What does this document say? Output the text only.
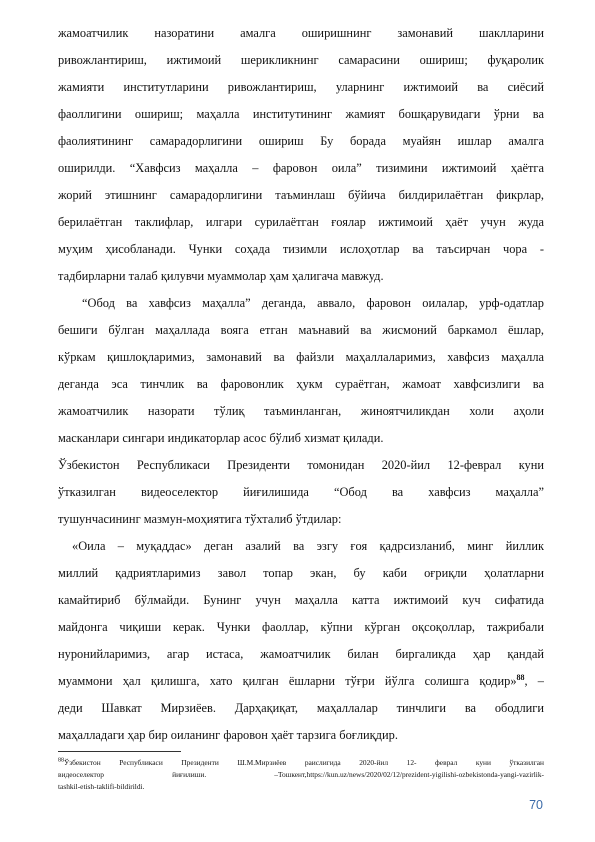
жамоатчилик назоратини амалга оширишнинг замонавий шаклларини
ривожлантириш, ижтимоий шерикликнинг самарасини ошириш; фуқаролик
жамияти институтларини ривожлантириш, уларнинг ижтимоий ва сиёсий
фаоллигини ошириш; маҳалла институтининг жамият бошқарувидаги ўрни ва
фаолиятининг самарадорлигини ошириш Бу борада муайян ишлар амалга
оширилди. “Хавфсиз маҳалла – фаровон оила” тизимини ижтимоий ҳаётга
жорий этишнинг самарадорлигини таъминлаш бўйича билдирилаётган фикрлар,
берилаётган таклифлар, илгари сурилаётган ғоялар ижтимоий ҳаёт учун жуда
муҳим ҳисобланади. Чунки соҳада тизимли ислоҳотлар ва таъсирчан чора -
тадбирларни талаб қилувчи муаммолар ҳам ҳалигача мавжуд.
“Обод ва хавфсиз маҳалла” деганда, аввало, фаровон оилалар, урф-одатлар
бешиги бўлган маҳаллада вояга етган маънавий ва жисмоний баркамол ёшлар,
кўркам қишлоқларимиз, замонавий ва файзли маҳаллаларимиз, хавфсиз маҳалла
деганда эса тинчлик ва фаровонлик ҳукм сураётган, жамоат хавфсизлиги ва
жамоатчилик назорати тўлиқ таъминланган, жиноятчиликдан холи аҳоли
масканлари сингари индикаторлар асос бўлиб хизмат қилади.
Ўзбекистон Республикаси Президенти томонидан 2020-йил 12-феврал куни
ўтказилган видеоселектор йиғилишида “Обод ва хавфсиз маҳалла”
тушунчасининг мазмун-моҳиятига тўхталиб ўтдилар:
«Оила – муқаддас» деган азалий ва эзгу ғоя қадрсизланиб, минг йиллик
миллий қадриятларимиз завол топар экан, бу каби оғриқли ҳолатларни
камайтириб бўлмайди. Бунинг учун маҳалла катта ижтимоий куч сифатида
майдонга чиқиши керак. Чунки фаоллар, кўпни кўрган оқсоқоллар, тажрибали
нуронийларимиз, агар истаса, жамоатчилик билан биргаликда ҳар қандай
муаммони ҳал қилишга, хато қилган ёшларни тўғри йўлга солишга қодир»$^{88}$, –
деди Шавкат Мирзиёев. Дарҳақиқат, маҳаллалар тинчлиги ва ободлиги
маҳалладаги ҳар бир оиланинг фаровон ҳаёт тарзига боғлиқдир.
$^{88}$Ўзбекистон Республикаси Президенти Ш.М.Мирзиёев раислигида 2020-йил 12- феврал куни ўтказилган
видеоселектор йиғилиши. –Тошкент,https://kun.uz/news/2020/02/12/prezident-yigilishi-ozbekistonda-yangi-vazirlik-
tashkil-etish-taklifi-bildirildi.
70
